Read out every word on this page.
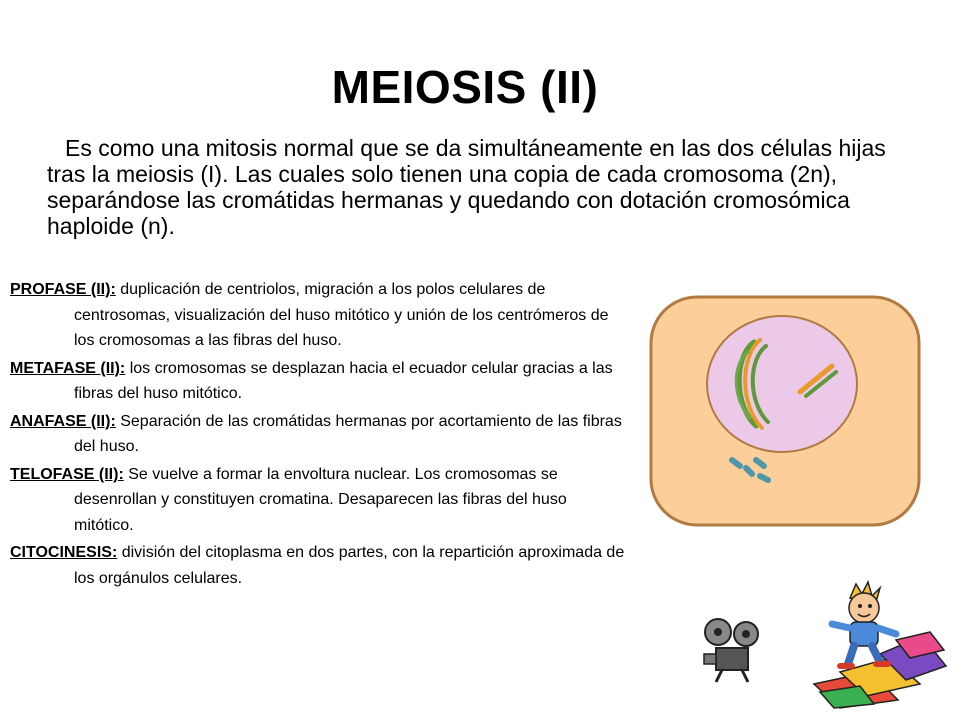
MEIOSIS (II)
Es como una mitosis normal que se da simultáneamente en las dos células hijas tras la meiosis (I). Las cuales solo tienen una copia de cada cromosoma (2n), separándose las cromátidas hermanas y quedando con dotación cromosómica haploide (n).

PROFASE (II): duplicación de centriolos, migración a los polos celulares de centrosomas, visualización del huso mitótico y unión de los centrómeros de los cromosomas a las fibras del huso.

METAFASE (II): los cromosomas se desplazan hacia el ecuador celular gracias a las fibras del huso mitótico.

ANAFASE (II): Separación de las cromátidas hermanas por acortamiento de las fibras del huso.

TELOFASE (II): Se vuelve a formar la envoltura nuclear. Los cromosomas se desenrollan y constituyen cromatina. Desaparecen las fibras del huso mitótico.

CITOCINESIS: división del citoplasma en dos partes, con la repartición aproximada de los orgánulos celulares.
